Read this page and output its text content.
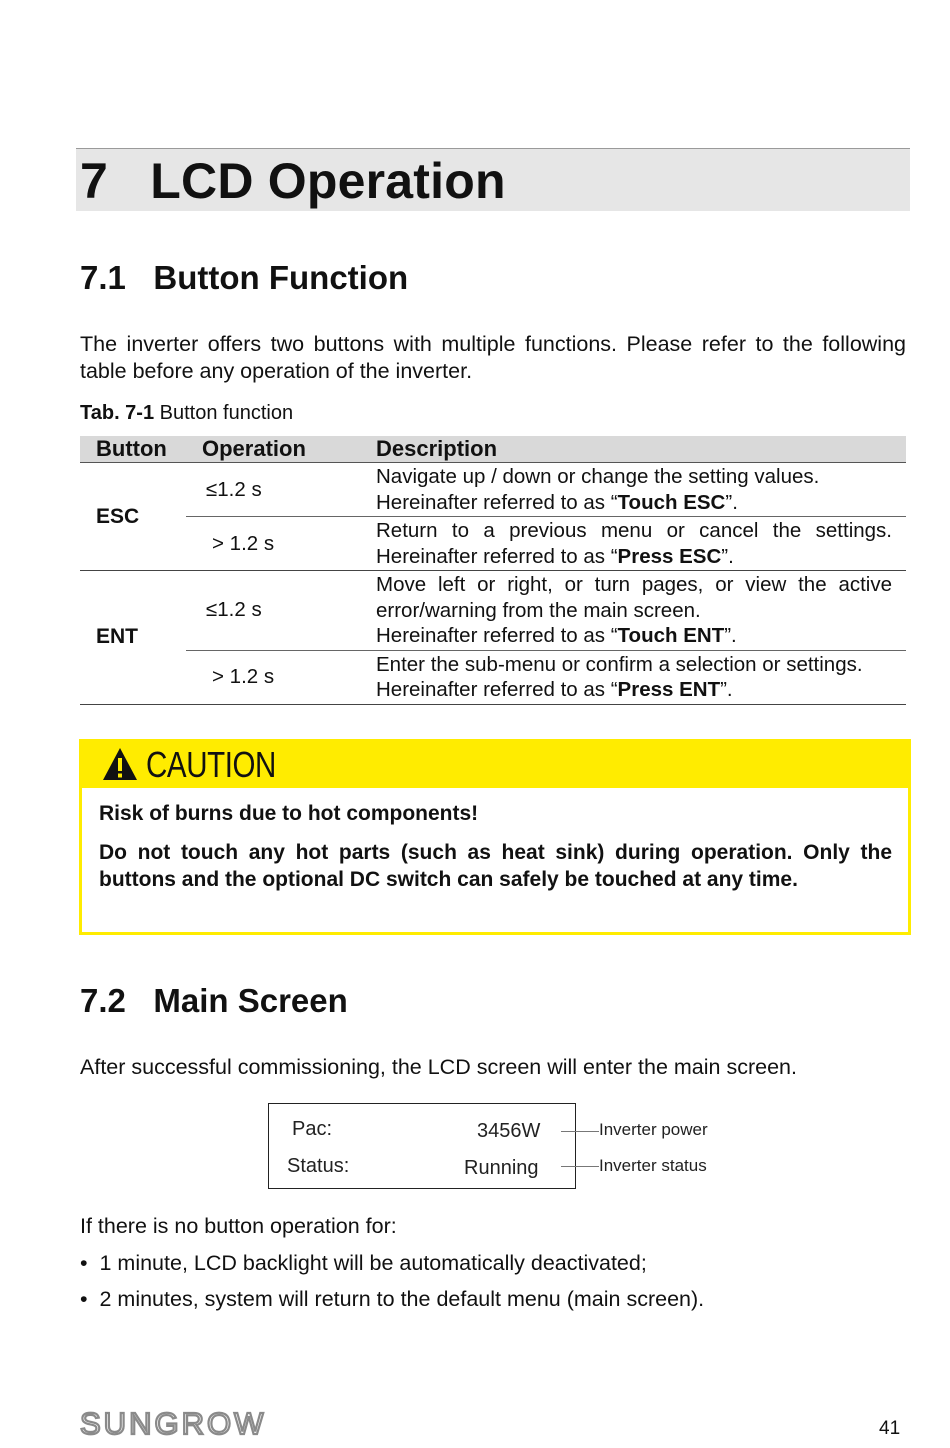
7 LCD Operation
7.1 Button Function
The inverter offers two buttons with multiple functions. Please refer to the following table before any operation of the inverter.
Tab. 7-1 Button function
Button	Operation	Description
ESC	≤1.2 s	Navigate up / down or change the setting values. Hereinafter referred to as “Touch ESC”.
	> 1.2 s	Return to a previous menu or cancel the settings. Hereinafter referred to as “Press ESC”.
ENT	≤1.2 s	Move left or right, or turn pages, or view the active error/warning from the main screen.
Hereinafter referred to as “Touch ENT”.
	> 1.2 s	Enter the sub-menu or confirm a selection or settings. Hereinafter referred to as “Press ENT”.
CAUTION
Risk of burns due to hot components!
Do not touch any hot parts (such as heat sink) during operation. Only the buttons and the optional DC switch can safely be touched at any time.
7.2 Main Screen
After successful commissioning, the LCD screen will enter the main screen.
Pac:	3456W
Status:	Running
Inverter power
Inverter status
If there is no button operation for:
•  1 minute, LCD backlight will be automatically deactivated;
•  2 minutes, system will return to the default menu (main screen).
SUNGROW	41
